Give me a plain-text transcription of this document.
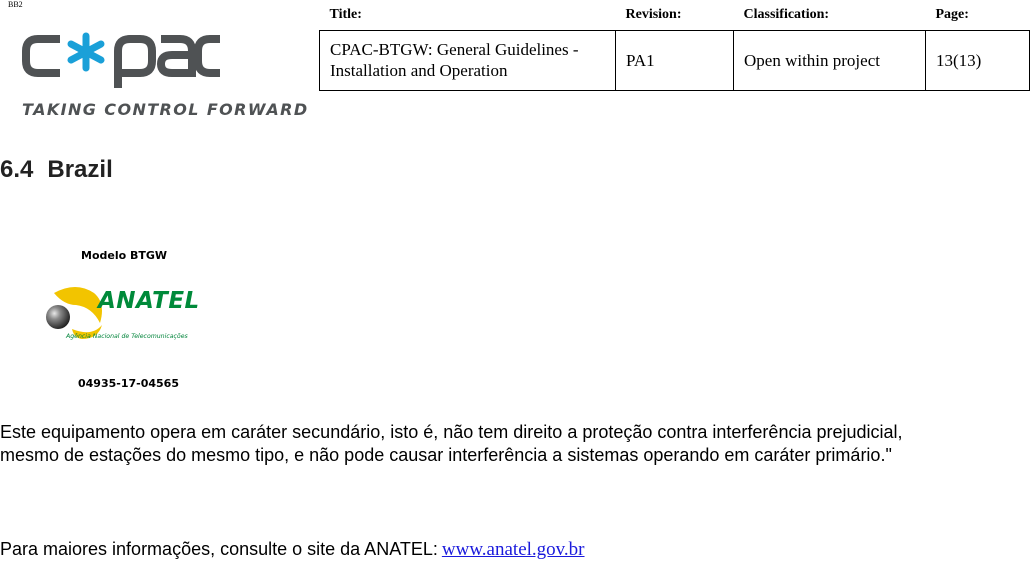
BB2
TAKING CONTROL FORWARD
Title:	Revision:	Classification:	Page:
CPAC-BTGW: General Guidelines - Installation and Operation	PA1	Open within project	13(13)
6.4 Brazil
Modelo BTGW
ANATEL
Agência Nacional de Telecomunicações
04935-17-04565

Este equipamento opera em caráter secundário, isto é, não tem direito a proteção contra interferência prejudicial, mesmo de estações do mesmo tipo, e não pode causar interferência a sistemas operando em caráter primário."

Para maiores informações, consulte o site da ANATEL: www.anatel.gov.br
